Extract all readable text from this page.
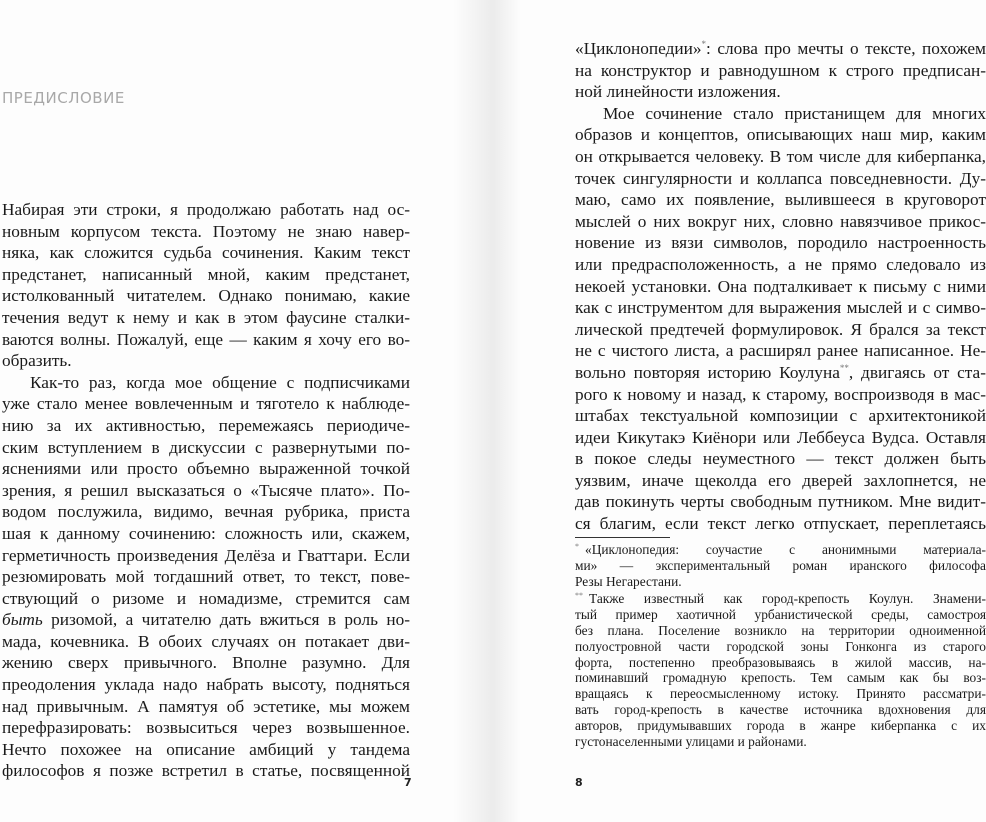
ПРЕДИСЛОВИЕ
Набирая эти строки, я продолжаю работать над ос-
новным корпусом текста. Поэтому не знаю навер-
няка, как сложится судьба сочинения. Каким текст
предстанет, написанный мной, каким предстанет,
истолкованный читателем. Однако понимаю, какие
течения ведут к нему и как в этом фаусине сталки-
ваются волны. Пожалуй, еще — каким я хочу его во-
образить.
Как-то раз, когда мое общение с подписчиками
уже стало менее вовлеченным и тяготело к наблюде-
нию за их активностью, перемежаясь периодиче-
ским вступлением в дискуссии с развернутыми по-
яснениями или просто объемно выраженной точкой
зрения, я решил высказаться о «Тысяче плато». По-
водом послужила, видимо, вечная рубрика, приста
шая к данному сочинению: сложность или, скажем,
герметичность произведения Делёза и Гваттари. Если
резюмировать мой тогдашний ответ, то текст, пове-
ствующий о ризоме и номадизме, стремится сам
быть ризомой, а читателю дать вжиться в роль но-
мада, кочевника. В обоих случаях он потакает дви-
жению сверх привычного. Вполне разумно. Для
преодоления уклада надо набрать высоту, подняться
над привычным. А памятуя об эстетике, мы можем
перефразировать: возвыситься через возвышенное.
Нечто похожее на описание амбиций у тандема
философов я позже встретил в статье, посвященной
7
«Циклонопедии»*: слова про мечты о тексте, похожем
на конструктор и равнодушном к строго предписан-
ной линейности изложения.
Мое сочинение стало пристанищем для многих
образов и концептов, описывающих наш мир, каким
он открывается человеку. В том числе для киберпанка,
точек сингулярности и коллапса повседневности. Ду-
маю, само их появление, вылившееся в круговорот
мыслей о них вокруг них, словно навязчивое прикос-
новение из вязи символов, породило настроенность
или предрасположенность, а не прямо следовало из
некоей установки. Она подталкивает к письму с ними
как с инструментом для выражения мыслей и с симво-
лической предтечей формулировок. Я брался за текст
не с чистого листа, а расширял ранее написанное. Не-
вольно повторяя историю Коулуна**, двигаясь от ста-
рого к новому и назад, к старому, воспроизводя в мас-
штабах текстуальной композиции с архитектоникой
идеи Кикутакэ Киёнори или Леббеуса Вудса. Оставля
в покое следы неуместного — текст должен быть
уязвим, иначе щеколда его дверей захлопнется, не
дав покинуть черты свободным путником. Мне видит-
ся благим, если текст легко отпускает, переплетаясь
* «Циклонопедия: соучастие с анонимными материала-
ми» — экспериментальный роман иранского философа
Резы Негарестани.
** Также известный как город-крепость Коулун. Знамени-
тый пример хаотичной урбанистической среды, самостроя
без плана. Поселение возникло на территории одноименной
полуостровной части городской зоны Гонконга из старого
форта, постепенно преобразовываясь в жилой массив, на-
поминавший громадную крепость. Тем самым как бы воз-
вращаясь к переосмысленному истоку. Принято рассматри-
вать город-крепость в качестве источника вдохновения для
авторов, придумывавших города в жанре киберпанка с их
густонаселенными улицами и районами.
8
